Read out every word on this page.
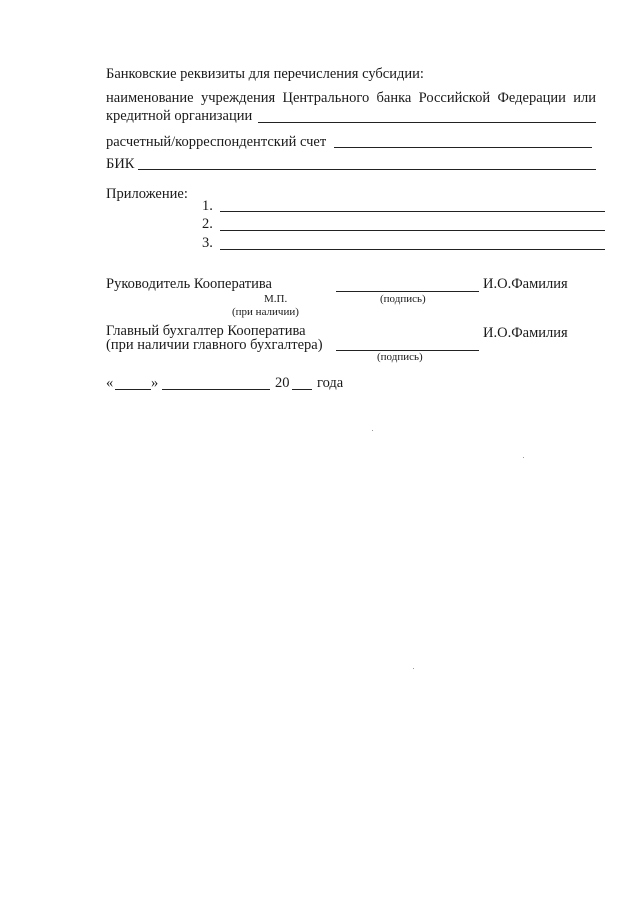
Банковские реквизиты для перечисления субсидии:
наименование учреждения Центрального банка Российской Федерации или
кредитной организации
расчетный/корреспондентский счет
БИК
Приложение:
1.
2.
3.
Руководитель Кооператива	И.О.Фамилия
М.П.	(подпись)
(при наличии)
Главный бухгалтер Кооператива	И.О.Фамилия
(при наличии главного бухгалтера)
(подпись)
«	»	20 года
